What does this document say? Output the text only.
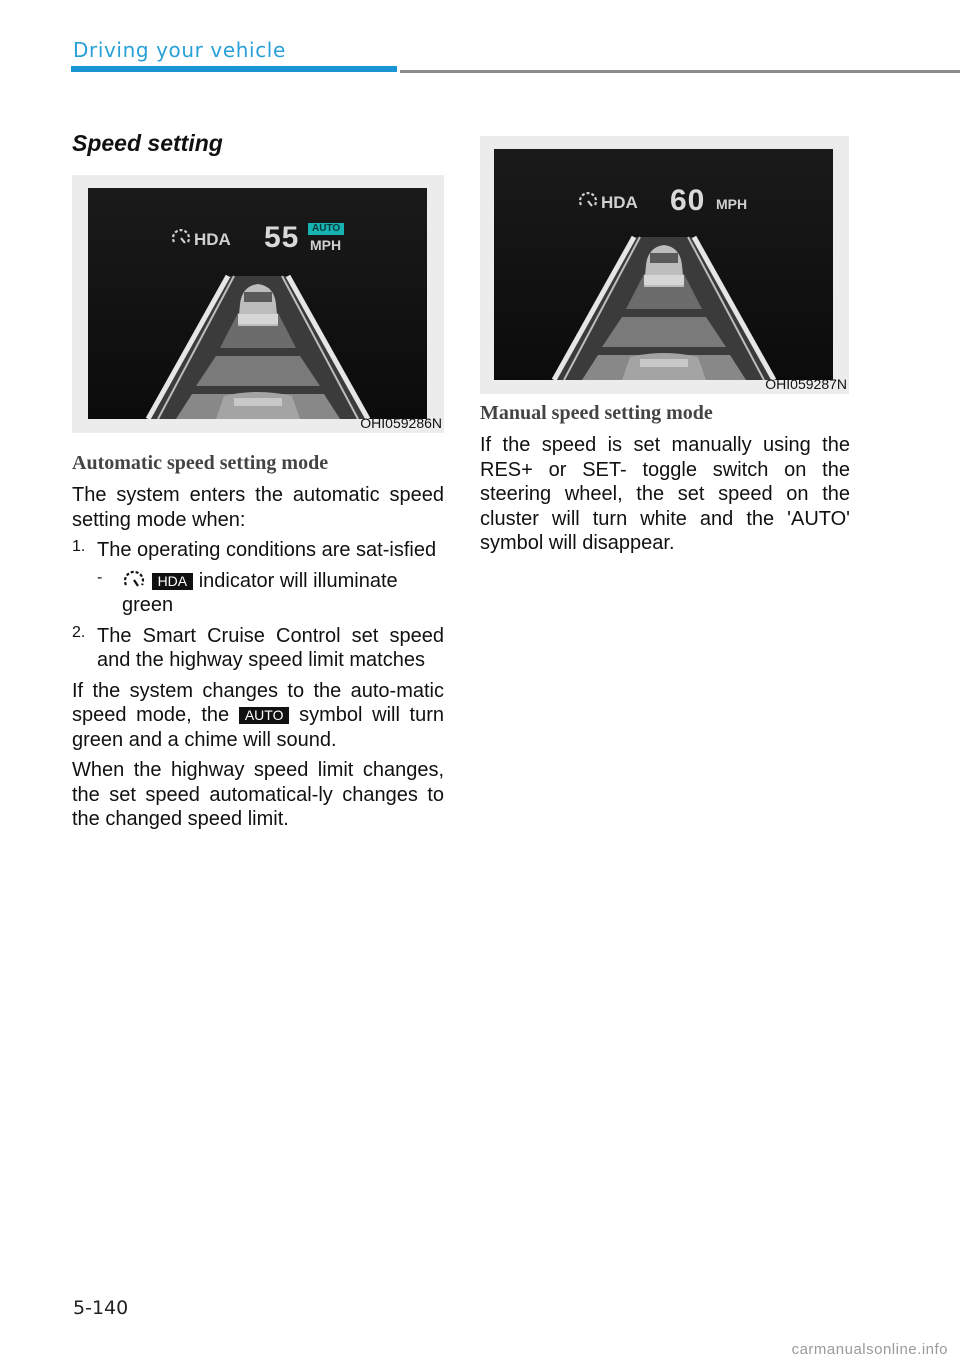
Driving your vehicle
Speed setting
HDA 55	AUTO
MPH
OHI059286N
Automatic speed setting mode

The system enters the automatic speed setting mode when:

1. The operating conditions are sat-isfied

-	HDA indicator will illuminate green

2. The Smart Cruise Control set speed and the highway speed limit matches

If the system changes to the auto-matic speed mode, the AUTO symbol will turn green and a chime will sound.

When the highway speed limit changes, the set speed automatical-ly changes to the changed speed limit.

HDA 60 MPH
OHI059287N
Manual speed setting mode

If the speed is set manually using the RES+ or SET- toggle switch on the steering wheel, the set speed on the cluster will turn white and the 'AUTO' symbol will disappear.

5-140
carmanualsonline.info
